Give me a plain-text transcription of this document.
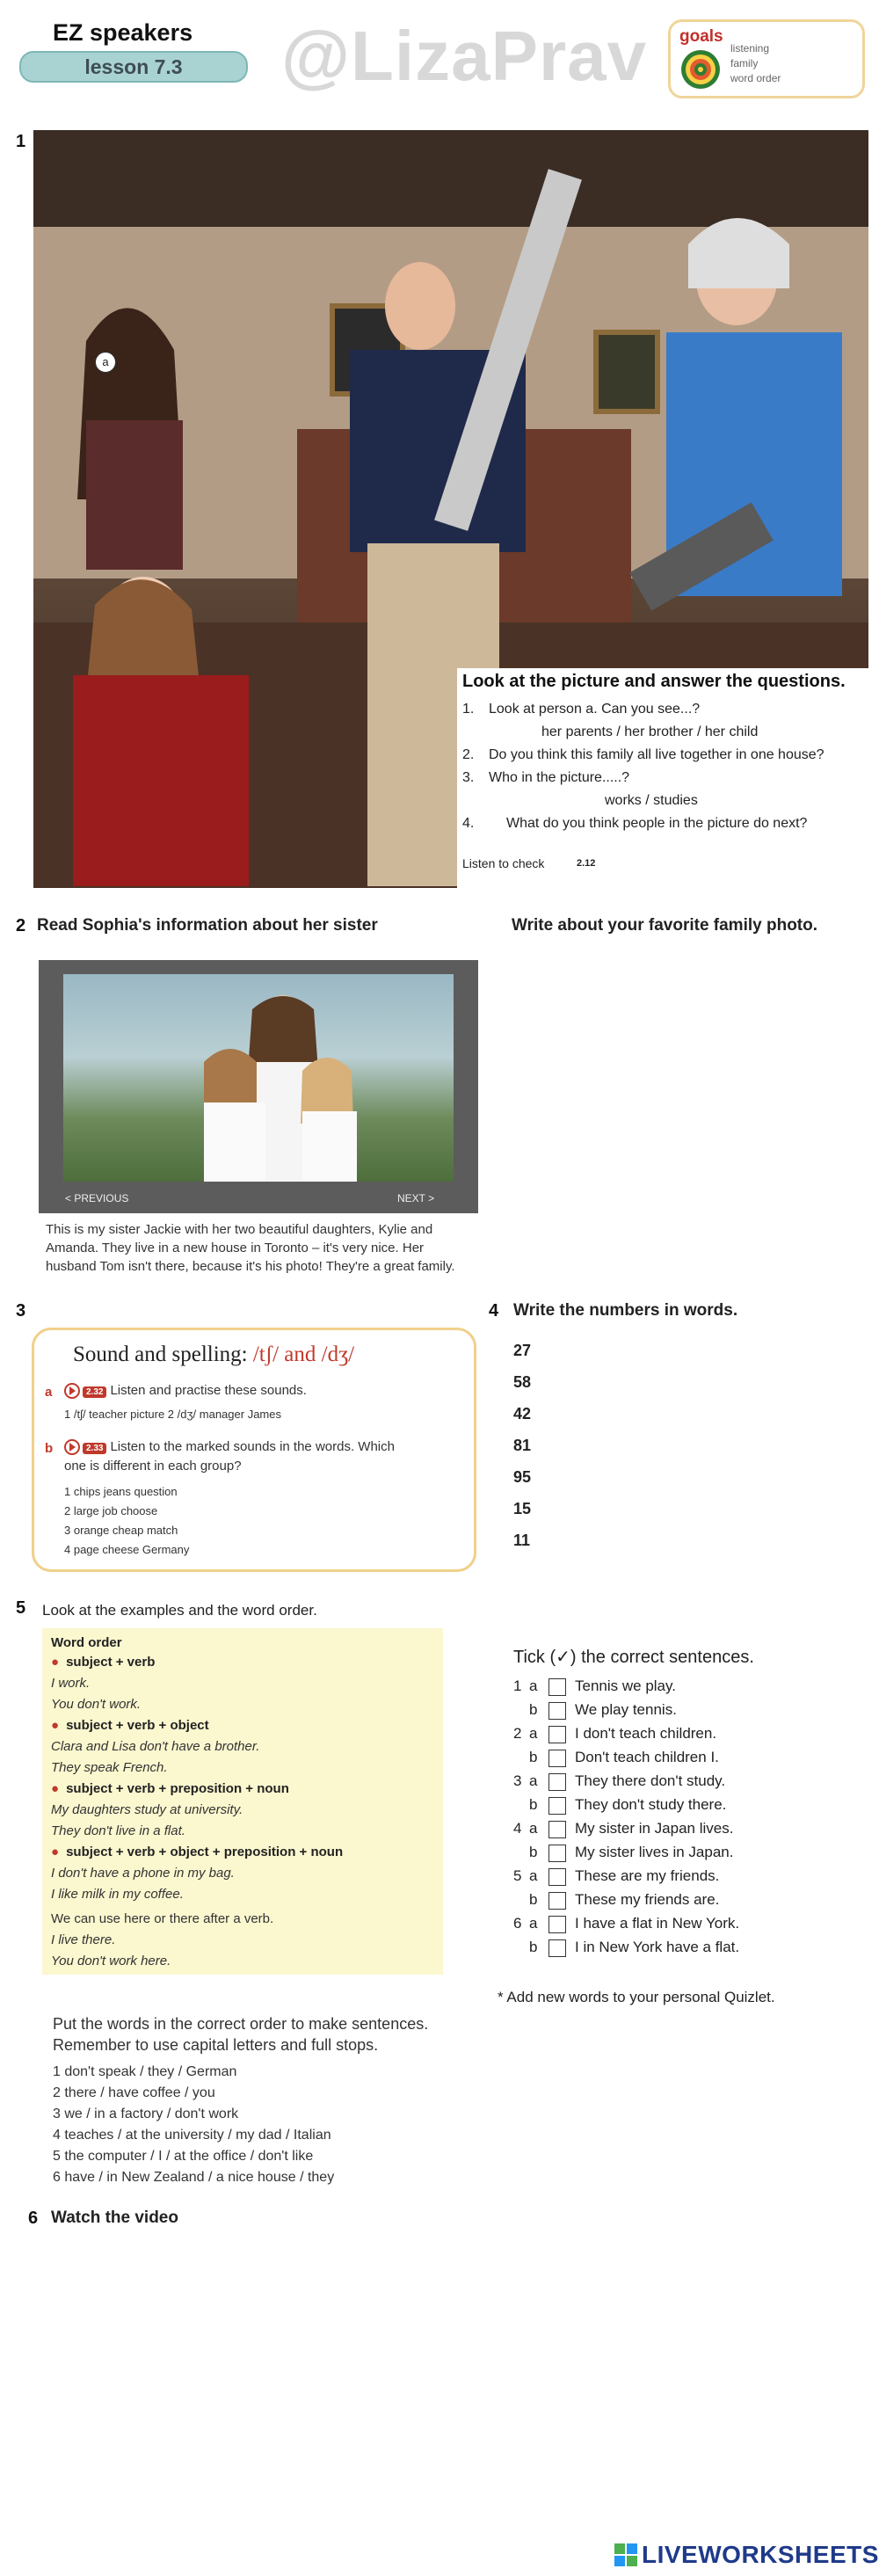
EZ speakers
lesson 7.3	@LizaPrav goals
listening
family
word order
1
a
Look at the picture and answer the questions.
1. Look at person a. Can you see...?
her parents / her brother / her child
2. Do you think this family all live together in one house?
3. Who in the picture.....?
works / studies
4. What do you think people in the picture do next?
Listen to check	2.12
2 Read Sophia's information about her sister	Write about your favorite family photo.
< PREVIOUS	NEXT >
This is my sister Jackie with her two beautiful daughters, Kylie and Amanda. They live in a new house in Toronto – it's very nice. Her husband Tom isn't there, because it's his photo! They're a great family.
3
Sound and spelling: /tʃ/ and /dʒ/
a	2.32 Listen and practise these sounds.
1 /tʃ/ teacher picture 2 /dʒ/ manager James
b	2.33 Listen to the marked sounds in the words. Which
one is different in each group?
1 chips jeans question
2 large job choose
3 orange cheap match
4 page cheese Germany
4 Write the numbers in words.
27
58
42
81
95
15
11
5 Look at the examples and the word order.
Word order
● subject + verb
I work.
You don't work.
● subject + verb + object
Clara and Lisa don't have a brother.
They speak French.
● subject + verb + preposition + noun
My daughters study at university.
They don't live in a flat.
● subject + verb + object + preposition + noun
I don't have a phone in my bag.
I like milk in my coffee.
We can use here or there after a verb.
I live there.
You don't work here.
Tick (✓) the correct sentences.
1 a	Tennis we play.
b	We play tennis.
2 a	I don't teach children.
b	Don't teach children I.
3 a	They there don't study.
b	They don't study there.
4 a	My sister in Japan lives.
b	My sister lives in Japan.
5 a	These are my friends.
b	These my friends are.
6 a	I have a flat in New York.
b	I in New York have a flat.
* Add new words to your personal Quizlet.
Put the words in the correct order to make sentences.
Remember to use capital letters and full stops.
1 don't speak / they / German
2 there / have coffee / you
3 we / in a factory / don't work
4 teaches / at the university / my dad / Italian
5 the computer / I / at the office / don't like
6 have / in New Zealand / a nice house / they
6 Watch the video
LIVEWORKSHEETS
